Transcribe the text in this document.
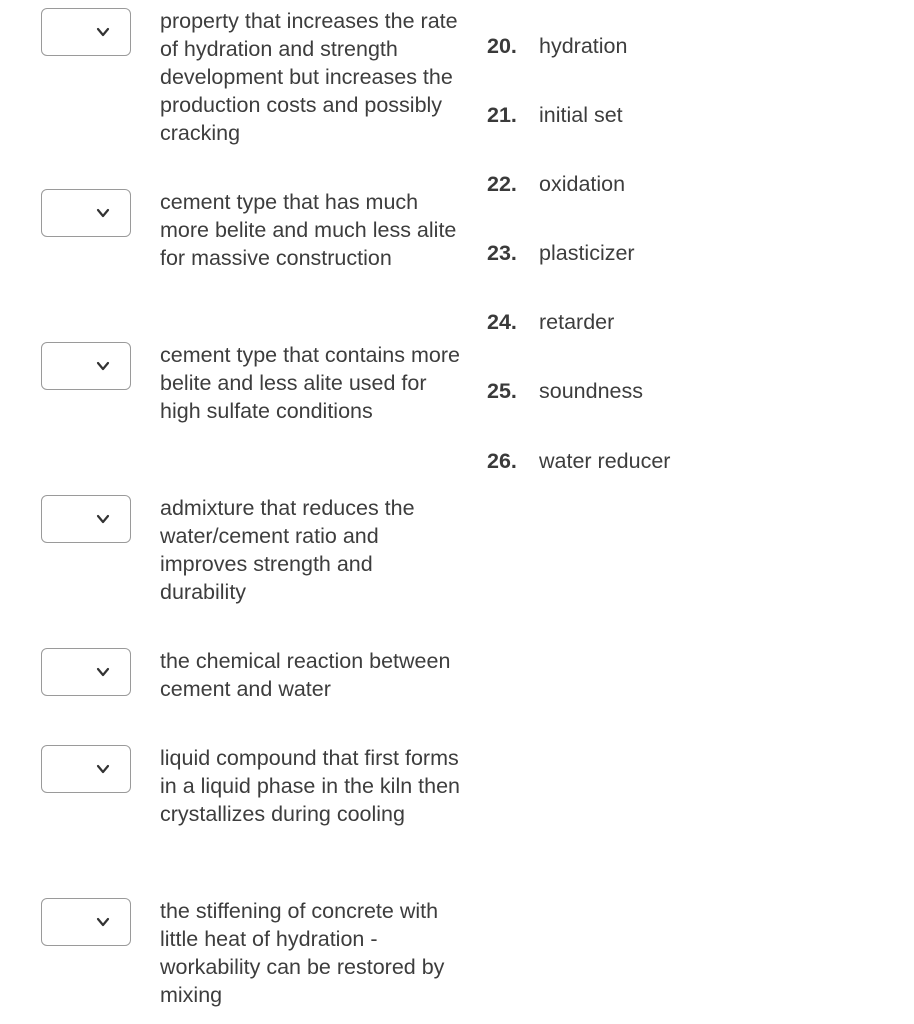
property that increases the rate of hydration and strength development but increases the production costs and possibly cracking

cement type that has much more belite and much less alite for massive construction

cement type that contains more belite and less alite used for high sulfate conditions

admixture that reduces the water/cement ratio and improves strength and durability

the chemical reaction between cement and water

liquid compound that first forms in a liquid phase in the kiln then crystallizes during cooling

the stiffening of concrete with little heat of hydration - workability can be restored by mixing

20. hydration
21. initial set
22. oxidation
23. plasticizer
24. retarder
25. soundness
26. water reducer
